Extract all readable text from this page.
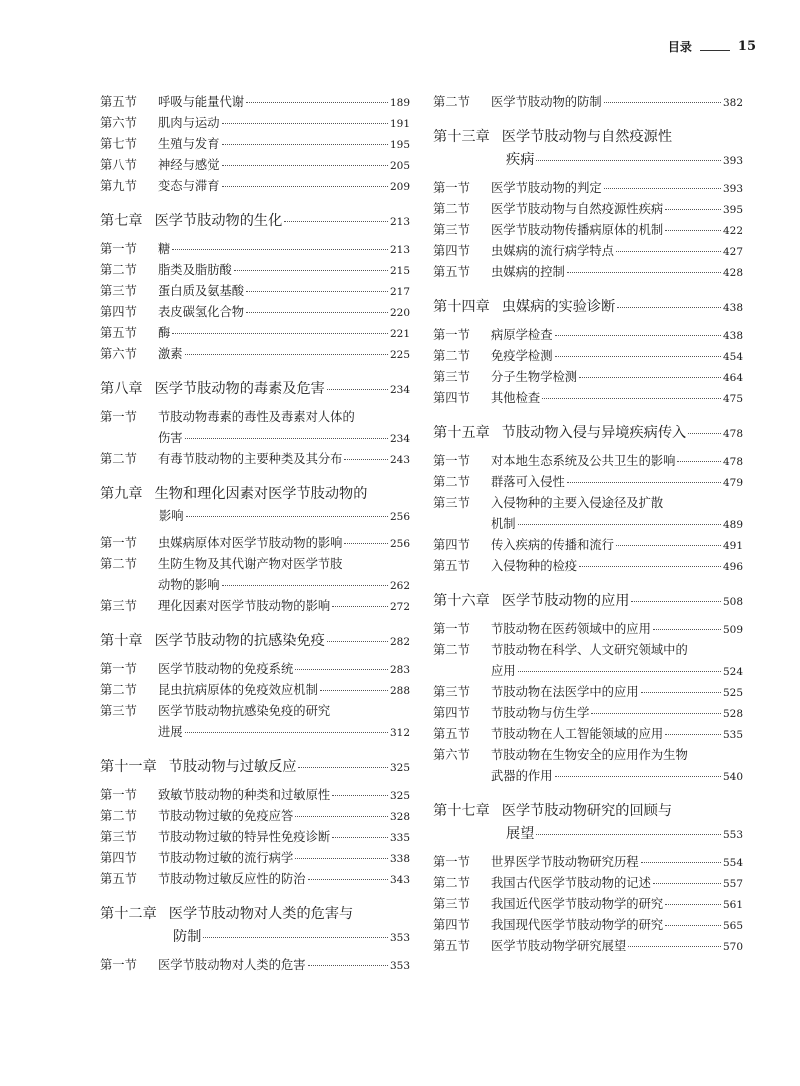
目录	15
第五节	呼吸与能量代谢	189
第六节	肌肉与运动	191
第七节	生殖与发育	195
第八节	神经与感觉	205
第九节	变态与滞育	209
第七章 医学节肢动物的生化	213
第一节	糖	213
第二节	脂类及脂肪酸	215
第三节	蛋白质及氨基酸	217
第四节	表皮碳氢化合物	220
第五节	酶	221
第六节	激素	225
第八章 医学节肢动物的毒素及危害	234
第一节	节肢动物毒素的毒性及毒素对人体的
伤害	234
第二节	有毒节肢动物的主要种类及其分布	243
第九章 生物和理化因素对医学节肢动物的
影响	256
第一节	虫媒病原体对医学节肢动物的影响	256
第二节	生防生物及其代谢产物对医学节肢
动物的影响	262
第三节	理化因素对医学节肢动物的影响	272
第十章 医学节肢动物的抗感染免疫	282
第一节	医学节肢动物的免疫系统	283
第二节	昆虫抗病原体的免疫效应机制	288
第三节	医学节肢动物抗感染免疫的研究
进展	312
第十一章 节肢动物与过敏反应	325
第一节	致敏节肢动物的种类和过敏原性	325
第二节	节肢动物过敏的免疫应答	328
第三节	节肢动物过敏的特异性免疫诊断	335
第四节	节肢动物过敏的流行病学	338
第五节	节肢动物过敏反应性的防治	343
第十二章 医学节肢动物对人类的危害与
防制	353
第一节	医学节肢动物对人类的危害	353
第二节	医学节肢动物的防制	382
第十三章 医学节肢动物与自然疫源性
疾病	393
第一节	医学节肢动物的判定	393
第二节	医学节肢动物与自然疫源性疾病	395
第三节	医学节肢动物传播病原体的机制	422
第四节	虫媒病的流行病学特点	427
第五节	虫媒病的控制	428
第十四章 虫媒病的实验诊断	438
第一节	病原学检查	438
第二节	免疫学检测	454
第三节	分子生物学检测	464
第四节	其他检查	475
第十五章 节肢动物入侵与异境疾病传入	478
第一节	对本地生态系统及公共卫生的影响	478
第二节	群落可入侵性	479
第三节	入侵物种的主要入侵途径及扩散
机制	489
第四节	传入疾病的传播和流行	491
第五节	入侵物种的检疫	496
第十六章 医学节肢动物的应用	508
第一节	节肢动物在医药领域中的应用	509
第二节	节肢动物在科学、人文研究领域中的
应用	524
第三节	节肢动物在法医学中的应用	525
第四节	节肢动物与仿生学	528
第五节	节肢动物在人工智能领域的应用	535
第六节	节肢动物在生物安全的应用作为生物
武器的作用	540
第十七章 医学节肢动物研究的回顾与
展望	553
第一节	世界医学节肢动物研究历程	554
第二节	我国古代医学节肢动物的记述	557
第三节	我国近代医学节肢动物学的研究	561
第四节	我国现代医学节肢动物学的研究	565
第五节	医学节肢动物学研究展望	570
